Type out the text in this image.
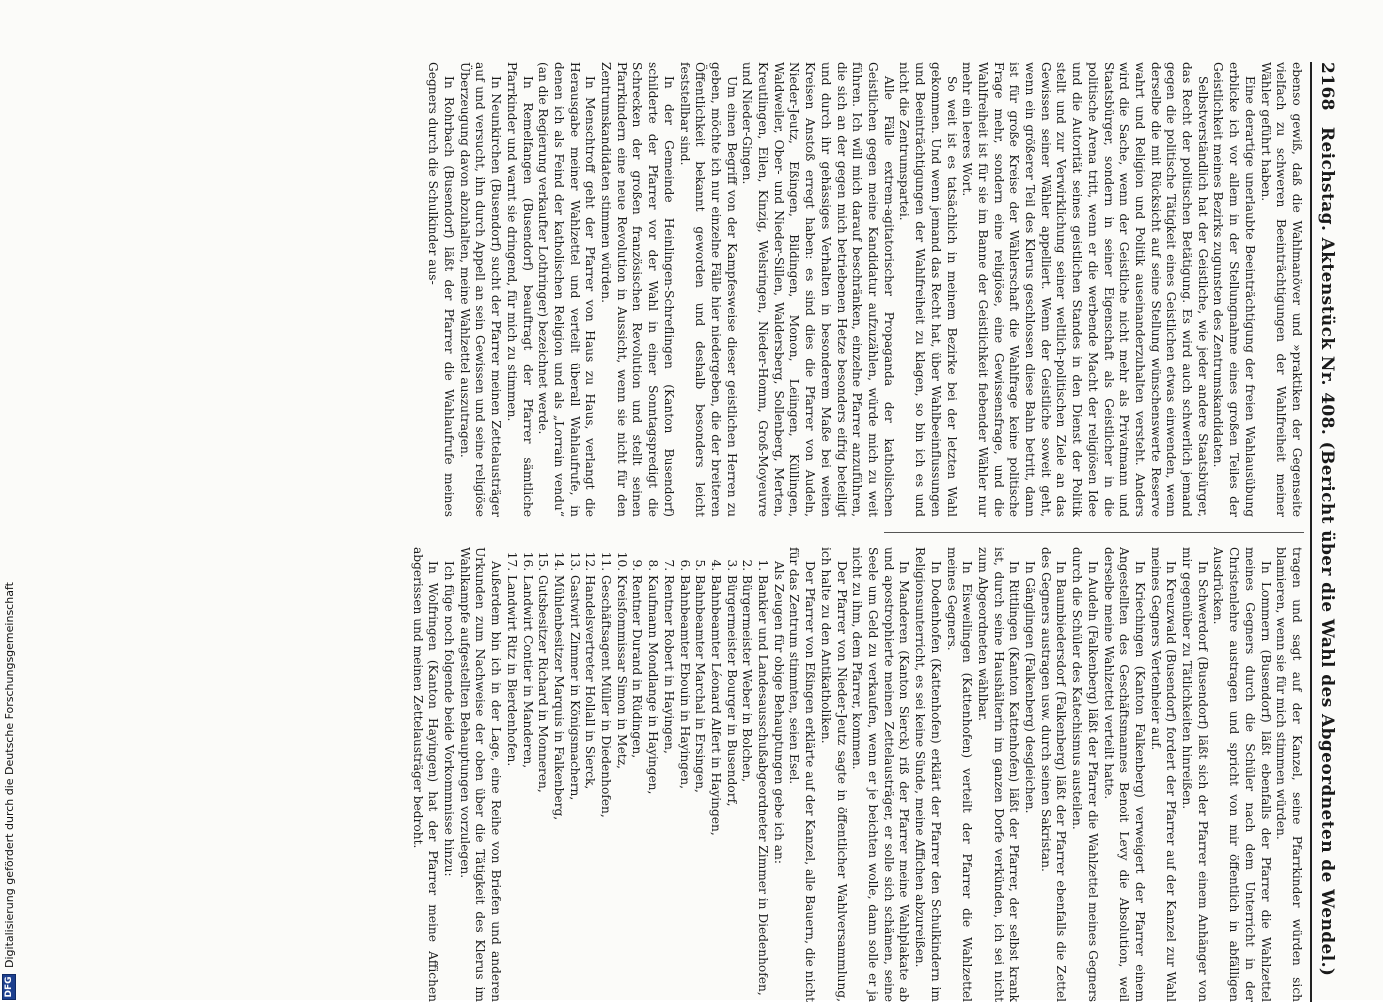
2168
Reichstag. Aktenstück Nr. 408. (Bericht über die Wahl des Abgeordneten de Wendel.)

ebenso gewiß, daß die Wahlmanöver und »praktiken der Gegenseite vielfach zu schweren Beeinträchtigungen der Wahlfreiheit meiner Wähler geführt haben.

Eine derartige unerlaubte Beeinträchtigung der freien Wahlausübung erblicke ich vor allem in der Stellungnahme eines großen Teiles der Geistlichkeit meines Bezirks zugunsten des Zentrumskandidaten.

Selbstverständlich hat der Geistliche, wie jeder andere Staatsbürger, das Recht der politischen Betätigung. Es wird auch schwerlich jemand gegen die politische Tätigkeit eines Geistlichen etwas einwenden, wenn derselbe die mit Rücksicht auf seine Stellung wünschenswerte Reserve wahrt und Religion und Politik auseinanderzuhalten versteht. Anders wird die Sache, wenn der Geistliche nicht mehr als Privatmann und Staatsbürger, sondern in seiner Eigenschaft als Geistlicher in die politische Arena tritt, wenn er die werbende Macht der religiösen Idee und die Autorität seines geistlichen Standes in den Dienst der Politik stellt und zur Verwirklichung seiner weltlich-politischen Ziele an das Gewissen seiner Wähler appelliert. Wenn der Geistliche soweit geht, wenn ein größerer Teil des Klerus geschlossen diese Bahn betritt, dann ist für große Kreise der Wählerschaft die Wahlfrage keine politische Frage mehr, sondern eine religiöse, eine Gewissensfrage, und die Wahlfreiheit ist für sie im Banne der Geistlichkeit fiebender Wähler nur mehr ein leeres Wort.

So weit ist es tatsächlich in meinem Bezirke bei der letzten Wahl gekommen. Und wenn jemand das Recht hat, über Wahlbeeinflussungen und Beeinträchtigungen der Wahlfreiheit zu klagen, so bin ich es und nicht die Zentrumspartei.

Alle Fälle extrem-agitatorischer Propaganda der katholischen Geistlichen gegen meine Kandidatur aufzuzählen, würde mich zu weit führen. Ich will mich darauf beschränken, einzelne Pfarrer anzuführen, die sich an der gegen mich betriebenen Hetze besonders eifrig beteiligt und durch ihr gehässiges Verhalten in besonderem Maße bei weiten Kreisen Anstoß erregt haben: es sind dies die Pfarrer von Audeln, Nieder-Jeutz, Eßingen, Bildingen, Monon, Leiingen, Küllingen, Waldweiler, Ober- und Nieder-Sillen, Waldersberg, Sollenberg, Merten, Kreutlingen, Eilen, Kinzig, Welsringen, Nieder-Homm, Groß-Moyeuvre und Nieder-Gingen.

Um einen Begriff von der Kampfesweise dieser geistlichen Herren zu geben, möchte ich nur einzelne Fälle hier niedergeben, die der breiteren Öffentlichkeit bekannt geworden und deshalb besonders leicht feststellbar sind.

In der Gemeinde Heinlingen-Schreflingen (Kanton Busendorf) schilderte der Pfarrer vor der Wahl in einer Sonntagspredigt die Schrecken der großen französischen Revolution und stellt seinen Pfarrkindern eine neue Revolution in Aussicht, wenn sie nicht für den Zentrumskandidaten stimmen würden.

In Menschtroff geht der Pfarrer von Haus zu Haus, verlangt die Herausgabe meiner Wahlzettel und verteilt überall Wahlaufrufe, in denen ich als Feind der katholischen Religion und als „Lorrain vendu“ (an die Regierung verkaufter Lothringer) bezeichnet werde.

In Remelfangen (Busendorf) beauftragt der Pfarrer sämtliche Pfarrkinder und warnt sie dringend, für mich zu stimmen.

In Neunkirchen (Busendorf) sucht der Pfarrer meinen Zettelausträger auf und versucht, ihn durch Appell an sein Gewissen und seine religiöse Überzeugung davon abzuhalten, meine Wahlzettel auszutragen.

In Rohrbach (Busendorf) läßt der Pfarrer die Wahlaufrufe meines Gegners durch die Schulkinder aus-

tragen und sagt auf der Kanzel, seine Pfarrkinder würden sich blamieren, wenn sie für mich stimmen würden.

In Lommern (Busendorf) läßt ebenfalls der Pfarrer die Wahlzettel meines Gegners durch die Schüler nach dem Unterricht in der Christenlehre austragen und spricht von mir öffentlich in abfälligen Ausdrücken.

In Schwerdorf (Busendorf) läßt sich der Pfarrer einem Anhänger von mir gegenüber zu Tätlichkeiten hinreißen.

In Kreuzwald (Busendorf) fordert der Pfarrer auf der Kanzel zur Wahl meines Gegners Vertenheier auf.

In Kriechingen (Kanton Falkenberg) verweigert der Pfarrer einem Angestellten des Geschäftsmannes Benoit Levy die Absolution, weil derselbe meine Wahlzettel verteilt hatte.

In Audeln (Falkenberg) läßt der Pfarrer die Wahlzettel meines Gegners durch die Schüler des Katechismus austeilen.

In Baumbiedersdorf (Falkenberg) läßt der Pfarrer ebenfalls die Zettel des Gegners austragen usw. durch seinen Sakristan.

In Gänglingen (Falkenberg) desgleichen.

In Rittlingen (Kanton Kattenhofen) läßt der Pfarrer, der selbst krank ist, durch seine Haushälterin im ganzen Dorfe verkünden, ich sei nicht zum Abgeordneten wählbar.

In Eisweilingen (Kattenhofen) verteilt der Pfarrer die Wahlzettel meines Gegners.

In Dodenhofen (Kattenhofen) erklärt der Pfarrer den Schulkindern im Religionsunterricht, es sei keine Sünde, meine Affichen abzureißen.

In Manderen (Kanton Sierck) riß der Pfarrer meine Wahlplakate ab und apostrophierte meinen Zettelausträger, er solle sich schämen, seine Seele um Geld zu verkaufen, wenn er je beichten wolle, dann solle er ja nicht zu ihm, dem Pfarrer, kommen.

Der Pfarrer von Nieder-Jeutz sagte in öffentlicher Wahlversammlung, ich halte zu den Antikatholiken.

Der Pfarrer von Eßingen erklärte auf der Kanzel, alle Bauern, die nicht für das Zentrum stimmten, seien Esel.

Als Zeugen für obige Behauptungen gebe ich an:

1. Bankier und Landesausschußabgeordneter Zimmer in Diedenhofen,
2. Bürgermeister Weber in Bolchen,
3. Bürgermeister Bourger in Busendorf,
4. Bahnbeamter Léonard Alfert in Hayingen,
5. Bahnbeamter Marchal in Ersingen,
6. Bahnbeamter Ebouin in Hayingen,
7. Rentner Robert in Hayingen,
8. Kaufmann Mondlange in Hayingen,
9. Rentner Durand in Rüdingen,
10. Kreisfommissar Simon in Metz,
11. Geschäftsagent Müller in Diedenhofen,
12. Handelsvertreter Hollall in Sierck,
13. Gastwirt Zimmer in Königsmachern,
14. Mühlenbesitzer Marquis in Falkenberg,
15. Gutsbesitzer Richard in Monneren,
16. Landwirt Contier in Manderen,
17. Landwirt Ritz in Bierdenhofen.

Außerdem bin ich in der Lage, eine Reihe von Briefen und anderen Urkunden zum Nachweise der oben über die Tätigkeit des Klerus im Wahlkampfe aufgestellten Behauptungen vorzulegen.

Ich füge noch folgende beide Vorkommnisse hinzu:

In Wolfringen (Kanton Hayingen) hat der Pfarrer meine Affichen abgerissen und meinen Zettelausträger bedroht.

DFG
Digitalisierung gefördert durch die Deutsche Forschungsgemeinschaft
